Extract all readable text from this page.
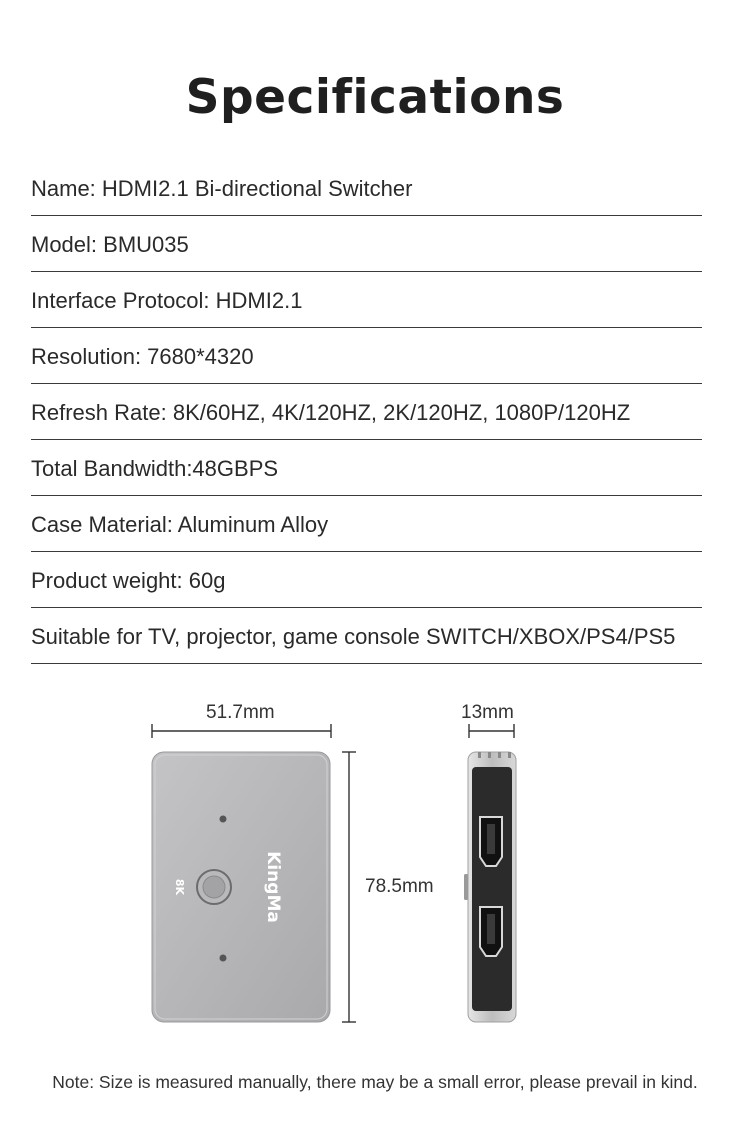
Specifications
Name: HDMI2.1 Bi-directional Switcher
Model: BMU035
Interface Protocol: HDMI2.1
Resolution: 7680*4320
Refresh Rate: 8K/60HZ, 4K/120HZ, 2K/120HZ, 1080P/120HZ
Total Bandwidth:48GBPS
Case Material: Aluminum Alloy
Product weight: 60g
Suitable for TV, projector, game console SWITCH/XBOX/PS4/PS5
8K	KingMa
51.7mm	13mm
78.5mm
Note: Size is measured manually, there may be a small error, please prevail in kind.
